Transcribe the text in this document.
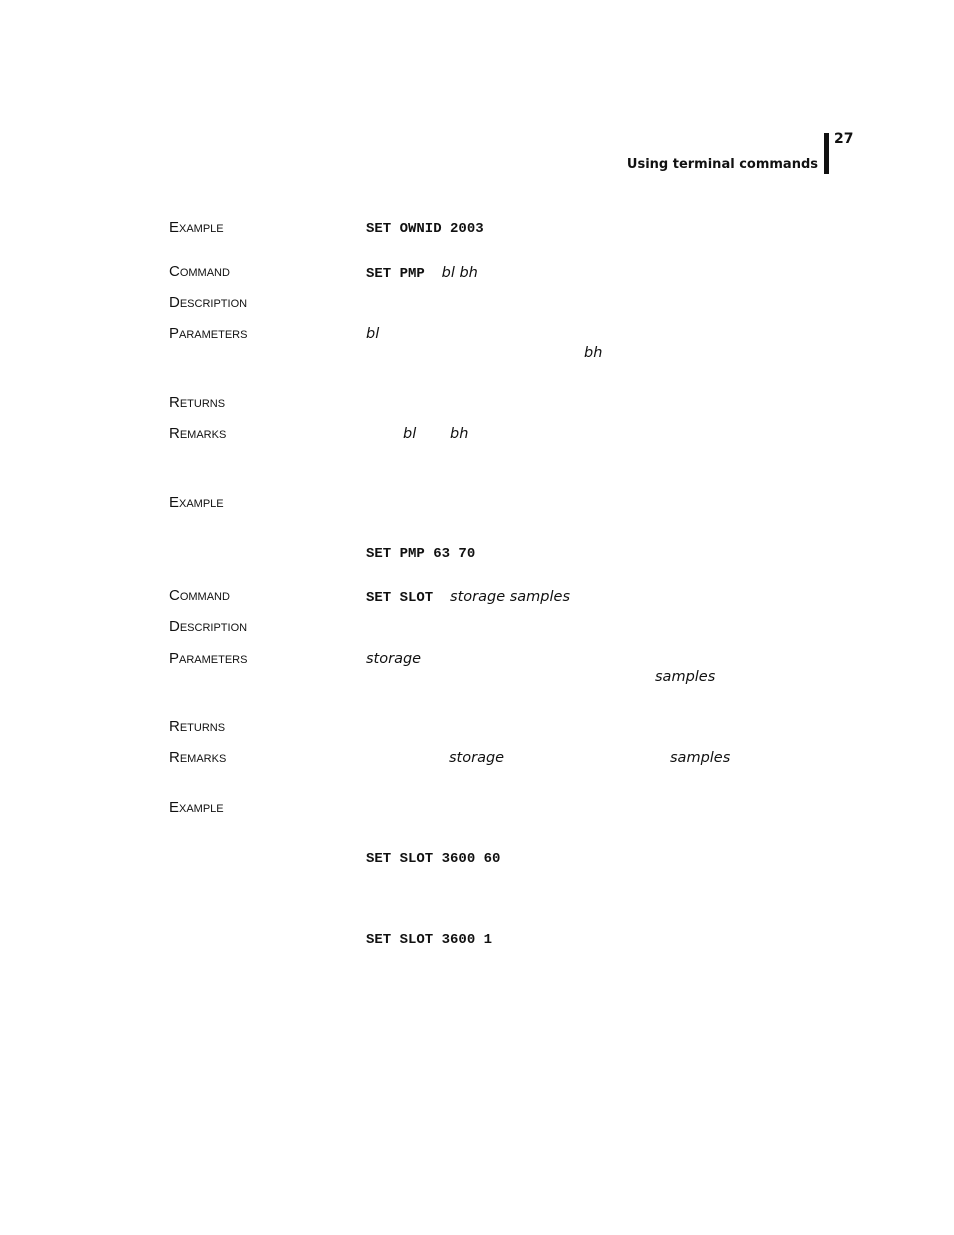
27
Using terminal commands
Example	SET OWNID 2003
Command	SET PMP bl bh
Description
Parameters	bl
bh
Returns
Remarks	bl bh
Example
SET PMP 63 70
Command	SET SLOT storage samples
Description
Parameters	storage
samples
Returns
Remarks	storage	samples
Example
SET SLOT 3600 60
SET SLOT 3600 1
